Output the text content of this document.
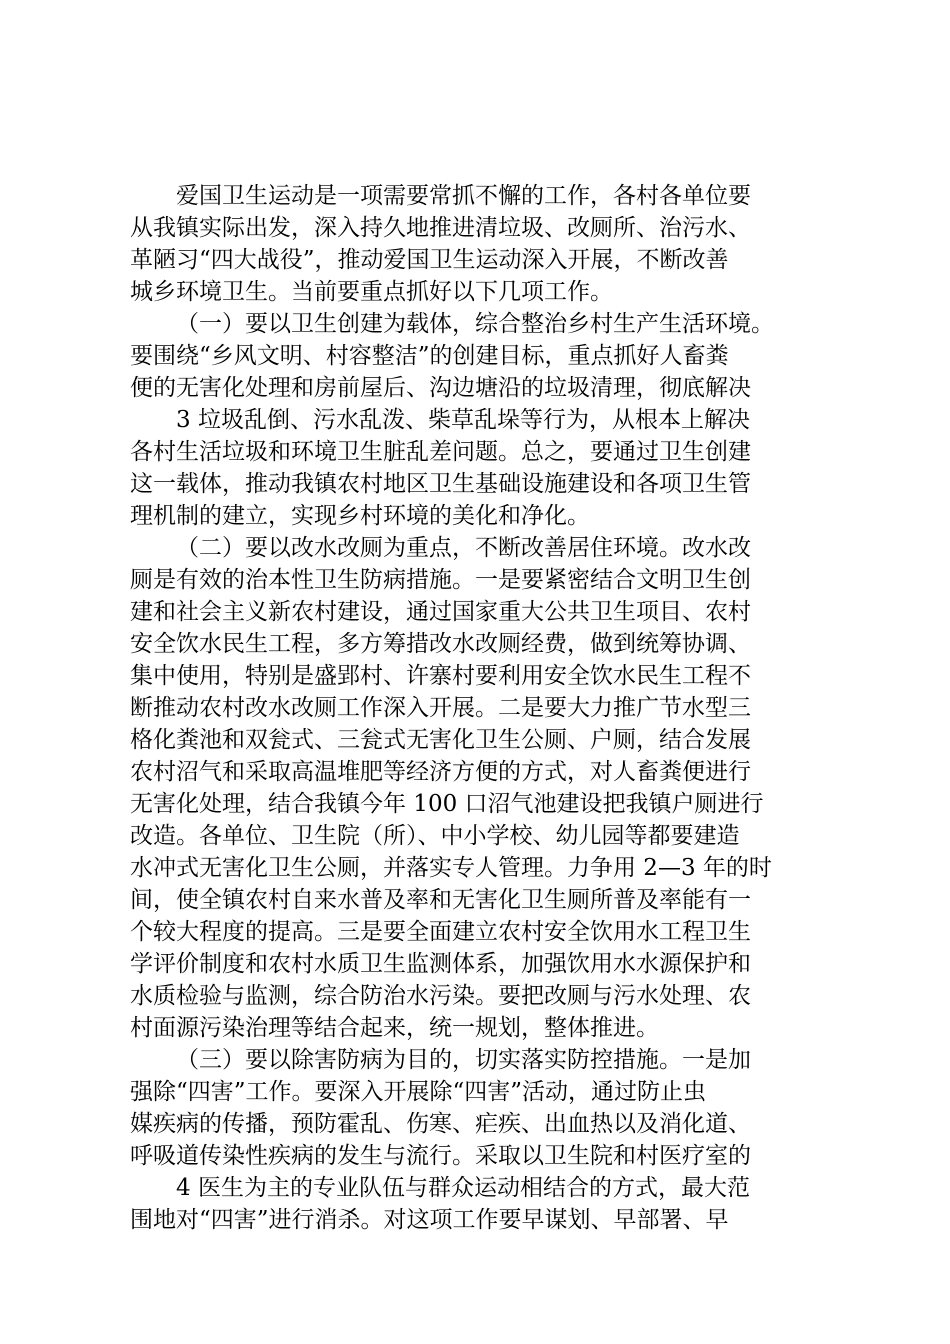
爱国卫生运动是一项需要常抓不懈的工作，各村各单位要
从我镇实际出发，深入持久地推进清垃圾、改厕所、治污水、
革陋习“四大战役”，推动爱国卫生运动深入开展，不断改善
城乡环境卫生。当前要重点抓好以下几项工作。
（一）要以卫生创建为载体，综合整治乡村生产生活环境。
要围绕“乡风文明、村容整洁”的创建目标，重点抓好人畜粪
便的无害化处理和房前屋后、沟边塘沿的垃圾清理，彻底解决
3 垃圾乱倒、污水乱泼、柴草乱垛等行为，从根本上解决
各村生活垃圾和环境卫生脏乱差问题。总之，要通过卫生创建
这一载体，推动我镇农村地区卫生基础设施建设和各项卫生管
理机制的建立，实现乡村环境的美化和净化。
（二）要以改水改厕为重点，不断改善居住环境。改水改
厕是有效的治本性卫生防病措施。一是要紧密结合文明卫生创
建和社会主义新农村建设，通过国家重大公共卫生项目、农村
安全饮水民生工程，多方筹措改水改厕经费，做到统筹协调、
集中使用，特别是盛郢村、许寨村要利用安全饮水民生工程不
断推动农村改水改厕工作深入开展。二是要大力推广节水型三
格化粪池和双瓮式、三瓮式无害化卫生公厕、户厕，结合发展
农村沼气和采取高温堆肥等经济方便的方式，对人畜粪便进行
无害化处理，结合我镇今年 100 口沼气池建设把我镇户厕进行
改造。各单位、卫生院（所）、中小学校、幼儿园等都要建造
水冲式无害化卫生公厕，并落实专人管理。力争用 2—3 年的时
间，使全镇农村自来水普及率和无害化卫生厕所普及率能有一
个较大程度的提高。三是要全面建立农村安全饮用水工程卫生
学评价制度和农村水质卫生监测体系，加强饮用水水源保护和
水质检验与监测，综合防治水污染。要把改厕与污水处理、农
村面源污染治理等结合起来，统一规划，整体推进。
（三）要以除害防病为目的，切实落实防控措施。一是加
强除“四害”工作。要深入开展除“四害”活动，通过防止虫
媒疾病的传播，预防霍乱、伤寒、疟疾、出血热以及消化道、
呼吸道传染性疾病的发生与流行。采取以卫生院和村医疗室的
4 医生为主的专业队伍与群众运动相结合的方式，最大范
围地对“四害”进行消杀。对这项工作要早谋划、早部署、早
